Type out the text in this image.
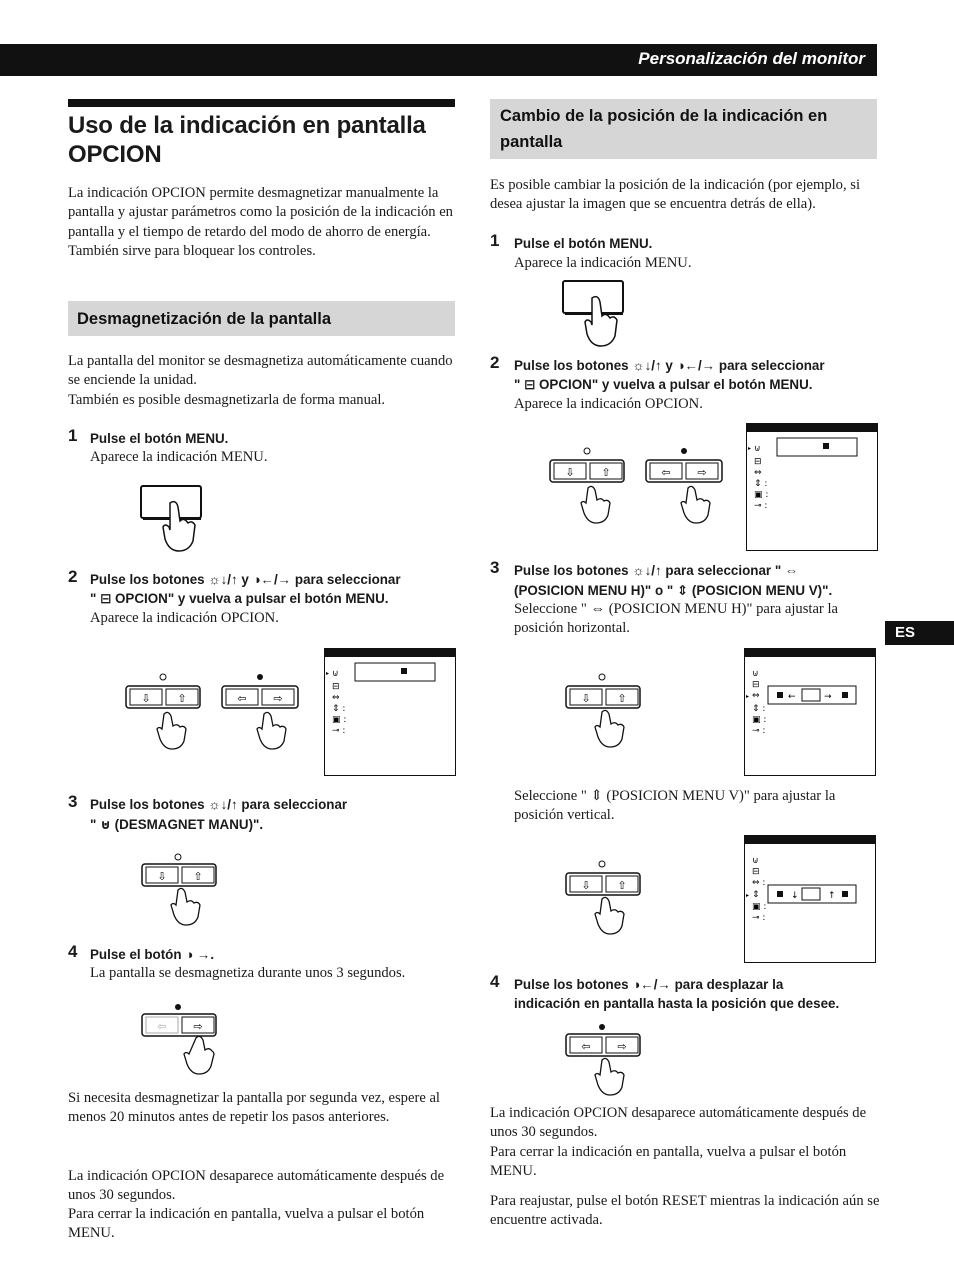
Personalización del monitor
ES
Uso de la indicación en pantalla OPCION

La indicación OPCION permite desmagnetizar manualmente la pantalla y ajustar parámetros como la posición de la indicación en pantalla y el tiempo de retardo del modo de ahorro de energía. También sirve para bloquear los controles.

Desmagnetización de la pantalla

La pantalla del monitor se desmagnetiza automáticamente cuando se enciende la unidad.

También es posible desmagnetizarla de forma manual.

1 Pulse el botón MENU.
Aparece la indicación MENU.
2 Pulse los botones ☼↓/↑ y ◑←/→ para seleccionar
" ⊟ OPCION" y vuelva a pulsar el botón MENU.
Aparece la indicación OPCION.
⇩ ⇧	⇦ ⇨
▸ ⊍
⊟
⇔
⇕ :
▣ :
⊸ :
3 Pulse los botones ☼↓/↑ para seleccionar
" ⊍ (DESMAGNET MANU)".
⇩ ⇧
4 Pulse el botón ◑ →.
La pantalla se desmagnetiza durante unos 3 segundos.
⇦ ⇨

Si necesita desmagnetizar la pantalla por segunda vez, espere al menos 20 minutos antes de repetir los pasos anteriores.

La indicación OPCION desaparece automáticamente después de unos 30 segundos.

Para cerrar la indicación en pantalla, vuelva a pulsar el botón MENU.

Cambio de la posición de la indicación en pantalla

Es posible cambiar la posición de la indicación (por ejemplo, si desea ajustar la imagen que se encuentra detrás de ella).

1 Pulse el botón MENU.
Aparece la indicación MENU.
2 Pulse los botones ☼↓/↑ y ◑←/→ para seleccionar
" ⊟ OPCION" y vuelva a pulsar el botón MENU.
Aparece la indicación OPCION.
⇩ ⇧	⇦ ⇨
▸ ⊍
⊟
⇔
⇕ :
▣ :
⊸ :
3 Pulse los botones ☼↓/↑ para seleccionar " ⇔
(POSICION MENU H)" o " ⇕ (POSICION MENU V)".
Seleccione " ⇔ (POSICION MENU H)" para ajustar la
posición horizontal.
⇩ ⇧
⊍
⊟
▸ ⇔	←	→
⇕ :
▣ :
⊸ :
Seleccione " ⇕ (POSICION MENU V)" para ajustar la
posición vertical.
⇩ ⇧
⊍
⊟
⇔ :
▸ ⇕	↓	↑
▣ :
⊸ :
4 Pulse los botones ◑←/→ para desplazar la
indicación en pantalla hasta la posición que desee.
⇦ ⇨

La indicación OPCION desaparece automáticamente después de unos 30 segundos.

Para cerrar la indicación en pantalla, vuelva a pulsar el botón MENU.

Para reajustar, pulse el botón RESET mientras la indicación aún se encuentre activada.
